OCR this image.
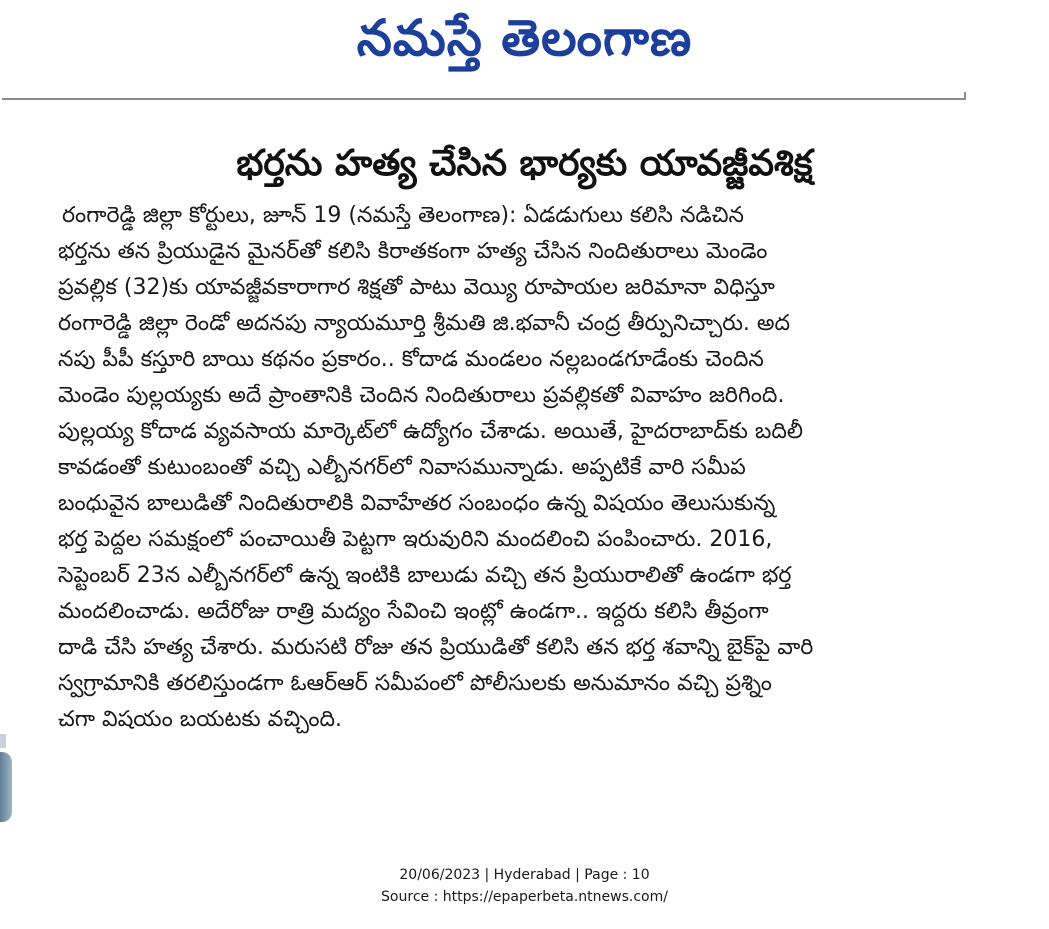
నమస్తే తెలంగాణ
భర్తను హత్య చేసిన భార్యకు యావజ్జీవశిక్ష
రంగారెడ్డి జిల్లా కోర్టులు, జూన్ 19 (నమస్తే తెలంగాణ): ఏడడుగులు కలిసి నడిచిన
భర్తను తన ప్రియుడైన మైనర్‌తో కలిసి కిరాతకంగా హత్య చేసిన నిందితురాలు మెండెం
ప్రవల్లిక (32)కు యావజ్జీవకారాగార శిక్షతో పాటు వెయ్యి రూపాయల జరిమానా విధిస్తూ
రంగారెడ్డి జిల్లా రెండో అదనపు న్యాయమూర్తి శ్రీమతి జి.భవానీ చంద్ర తీర్పునిచ్చారు. అద
నపు పీపీ కస్తూరి బాయి కథనం ప్రకారం.. కోదాడ మండలం నల్లబండగూడేంకు చెందిన
మెండెం పుల్లయ్యకు అదే ప్రాంతానికి చెందిన నిందితురాలు ప్రవల్లికతో వివాహం జరిగింది.
పుల్లయ్య కోదాడ వ్యవసాయ మార్కెట్‌లో ఉద్యోగం చేశాడు. అయితే, హైదరాబాద్‌కు బదిలీ
కావడంతో కుటుంబంతో వచ్చి ఎల్బీనగర్‌లో నివాసమున్నాడు. అప్పటికే వారి సమీప
బంధువైన బాలుడితో నిందితురాలికి వివాహేతర సంబంధం ఉన్న విషయం తెలుసుకున్న
భర్త పెద్దల సమక్షంలో పంచాయితీ పెట్టగా ఇరువురిని మందలించి పంపించారు. 2016,
సెప్టెంబర్ 23న ఎల్బీనగర్‌లో ఉన్న ఇంటికి బాలుడు వచ్చి తన ప్రియురాలితో ఉండగా భర్త
మందలించాడు. అదేరోజు రాత్రి మద్యం సేవించి ఇంట్లో ఉండగా.. ఇద్దరు కలిసి తీవ్రంగా
దాడి చేసి హత్య చేశారు. మరుసటి రోజు తన ప్రియుడితో కలిసి తన భర్త శవాన్ని బైక్‌పై వారి
స్వగ్రామానికి తరలిస్తుండగా ఓఆర్ఆర్ సమీపంలో పోలీసులకు అనుమానం వచ్చి ప్రశ్నిం
చగా విషయం బయటకు వచ్చింది.
20/06/2023 | Hyderabad | Page : 10
Source : https://epaperbeta.ntnews.com/
